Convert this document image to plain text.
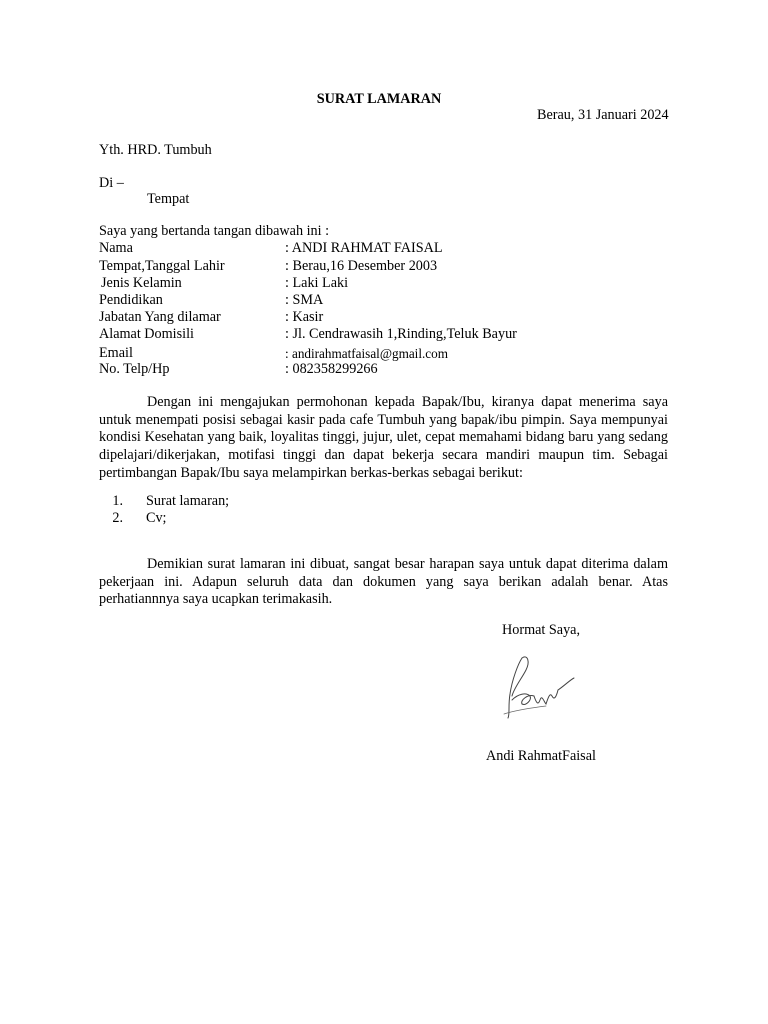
SURAT LAMARAN
Berau, 31 Januari 2024
Yth. HRD. Tumbuh
Di –
Tempat
Saya yang bertanda tangan dibawah ini :
Nama	: ANDI RAHMAT FAISAL
Tempat,Tanggal Lahir	: Berau,16 Desember 2003
Jenis Kelamin	: Laki Laki
Pendidikan	: SMA
Jabatan Yang dilamar	: Kasir
Alamat Domisili	: Jl. Cendrawasih 1,Rinding,Teluk Bayur
Email	: andirahmatfaisal@gmail.com
No. Telp/Hp	: 082358299266

Dengan ini mengajukan permohonan kepada Bapak/Ibu, kiranya dapat menerima saya untuk menempati posisi sebagai kasir pada cafe Tumbuh yang bapak/ibu pimpin. Saya mempunyai kondisi Kesehatan yang baik, loyalitas tinggi, jujur, ulet, cepat memahami bidang baru yang sedang dipelajari/dikerjakan, motifasi tinggi dan dapat bekerja secara mandiri maupun tim. Sebagai pertimbangan Bapak/Ibu saya melampirkan berkas-berkas sebagai berikut:

1. Surat lamaran;
2. Cv;

Demikian surat lamaran ini dibuat, sangat besar harapan saya untuk dapat diterima dalam pekerjaan ini. Adapun seluruh data dan dokumen yang saya berikan adalah benar. Atas perhatiannnya saya ucapkan terimakasih.

Hormat Saya,
Andi RahmatFaisal
